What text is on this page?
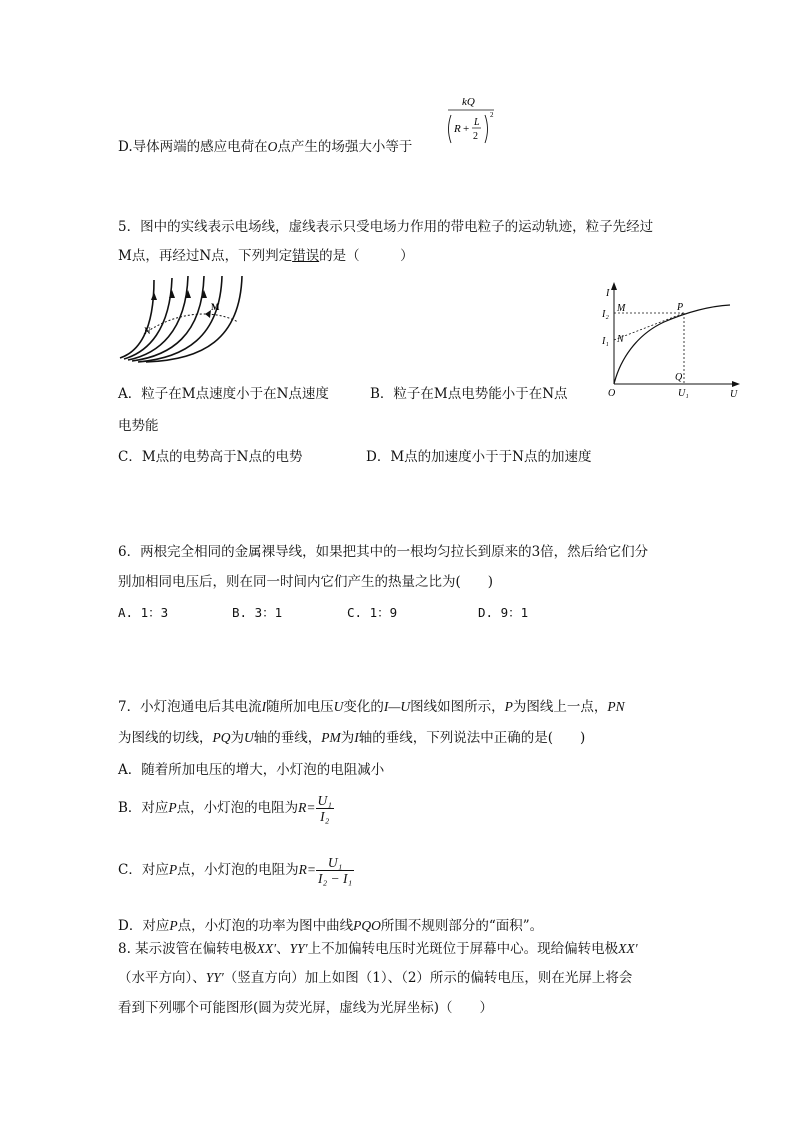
D.导体两端的感应电荷在O点产生的场强大小等于
kQ
R +
L
2
2
5．图中的实线表示电场线，虚线表示只受电场力作用的带电粒子的运动轨迹，粒子先经过
M点，再经过N点，下列判定错误的是（　　　）
M
N
I
U
O
I₂
I₁
M
N
P
Q
U₁
A．粒子在M点速度小于在N点速度	B．粒子在M点电势能小于在N点
电势能
C．M点的电势高于N点的电势	D．M点的加速度小于于N点的加速度
6．两根完全相同的金属裸导线，如果把其中的一根均匀拉长到原来的3倍，然后给它们分
别加相同电压后，则在同一时间内它们产生的热量之比为(　　)
A. 1：3	B. 3：1	C. 1：9	D. 9：1
7．小灯泡通电后其电流I随所加电压U变化的I—U图线如图所示，P为图线上一点，PN
为图线的切线，PQ为U轴的垂线，PM为I轴的垂线，下列说法中正确的是(　　)
A．随着所加电压的增大，小灯泡的电阻减小
B．对应P点，小灯泡的电阻为$R= \frac{\text{U₁}}{\text{I₂}}$
C．对应P点，小灯泡的电阻为$R= \frac{\text{U₁}}{\text{I₂ − I₁}}$
D．对应P点，小灯泡的功率为图中曲线PQO所围不规则部分的“面积”。
8. 某示波管在偏转电极XX′、YY′上不加偏转电压时光斑位于屏幕中心。现给偏转电极XX′
（水平方向）、YY′（竖直方向）加上如图（1）、（2）所示的偏转电压，则在光屏上将会
看到下列哪个可能图形(圆为荧光屏，虚线为光屏坐标)（　　）
